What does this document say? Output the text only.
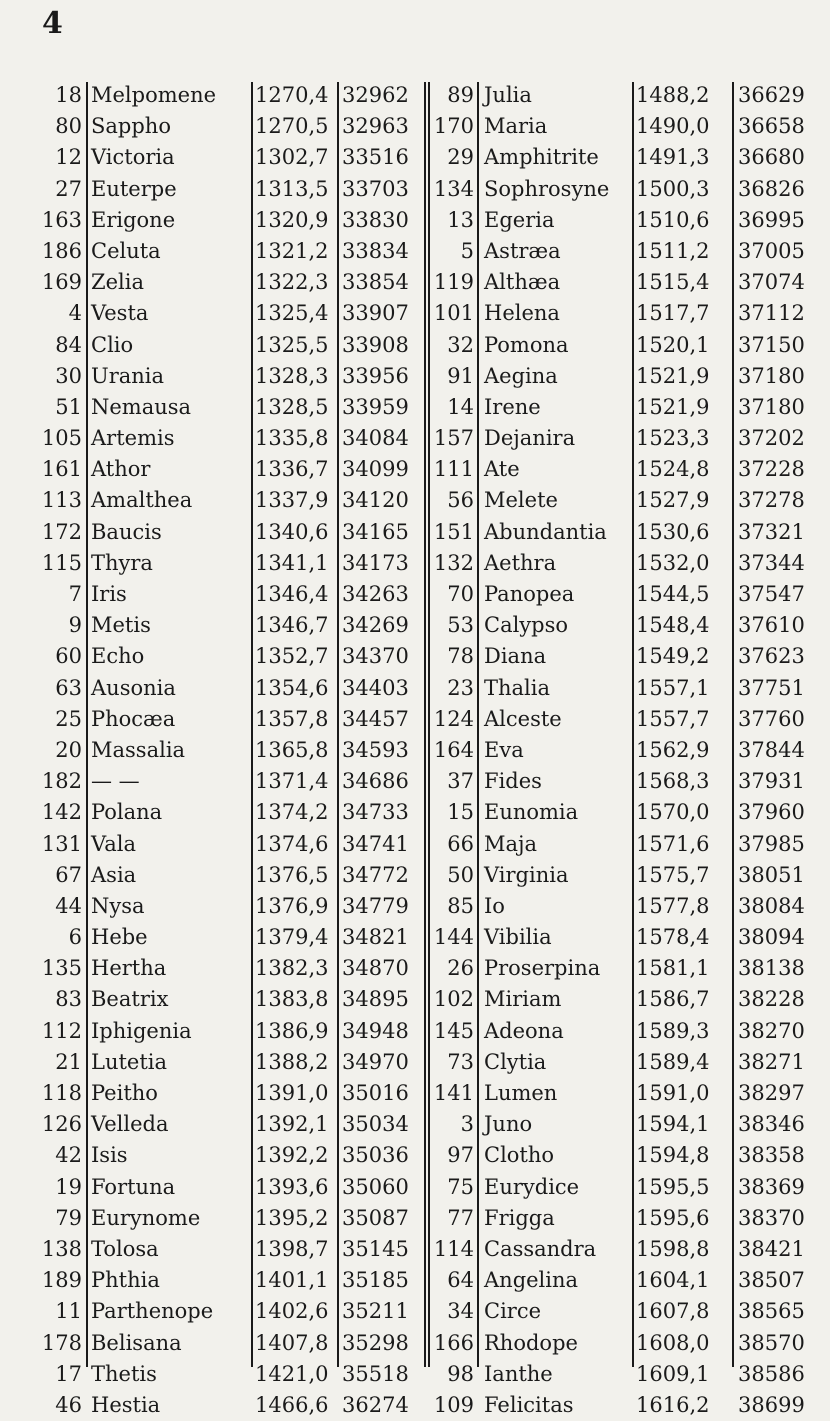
4
18 Melpomene	1270,4 32962	89 Julia	1488,2	36629
80 Sappho	1270,5 32963	170 Maria	1490,0	36658
12 Victoria	1302,7 33516	29 Amphitrite	1491,3	36680
27 Euterpe	1313,5 33703	134 Sophrosyne	1500,3	36826
163 Erigone	1320,9 33830	13 Egeria	1510,6	36995
186 Celuta	1321,2 33834	5 Astræa	1511,2	37005
169 Zelia	1322,3 33854	119 Althæa	1515,4	37074
4 Vesta	1325,4 33907	101 Helena	1517,7	37112
84 Clio	1325,5 33908	32 Pomona	1520,1	37150
30 Urania	1328,3 33956	91 Aegina	1521,9	37180
51 Nemausa	1328,5 33959	14 Irene	1521,9	37180
105 Artemis	1335,8 34084	157 Dejanira	1523,3	37202
161 Athor	1336,7 34099	111 Ate	1524,8	37228
113 Amalthea	1337,9 34120	56 Melete	1527,9	37278
172 Baucis	1340,6 34165	151 Abundantia	1530,6	37321
115 Thyra	1341,1 34173	132 Aethra	1532,0	37344
7 Iris	1346,4 34263	70 Panopea	1544,5	37547
9 Metis	1346,7 34269	53 Calypso	1548,4	37610
60 Echo	1352,7 34370	78 Diana	1549,2	37623
63 Ausonia	1354,6 34403	23 Thalia	1557,1	37751
25 Phocæa	1357,8 34457	124 Alceste	1557,7	37760
20 Massalia	1365,8 34593	164 Eva	1562,9	37844
182 — —	1371,4 34686	37 Fides	1568,3	37931
142 Polana	1374,2 34733	15 Eunomia	1570,0	37960
131 Vala	1374,6 34741	66 Maja	1571,6	37985
67 Asia	1376,5 34772	50 Virginia	1575,7	38051
44 Nysa	1376,9 34779	85 Io	1577,8	38084
6 Hebe	1379,4 34821	144 Vibilia	1578,4	38094
135 Hertha	1382,3 34870	26 Proserpina	1581,1	38138
83 Beatrix	1383,8 34895	102 Miriam	1586,7	38228
112 Iphigenia	1386,9 34948	145 Adeona	1589,3	38270
21 Lutetia	1388,2 34970	73 Clytia	1589,4	38271
118 Peitho	1391,0 35016	141 Lumen	1591,0	38297
126 Velleda	1392,1 35034	3 Juno	1594,1	38346
42 Isis	1392,2 35036	97 Clotho	1594,8	38358
19 Fortuna	1393,6 35060	75 Eurydice	1595,5	38369
79 Eurynome	1395,2 35087	77 Frigga	1595,6	38370
138 Tolosa	1398,7 35145	114 Cassandra	1598,8	38421
189 Phthia	1401,1 35185	64 Angelina	1604,1	38507
11 Parthenope	1402,6 35211	34 Circe	1607,8	38565
178 Belisana	1407,8 35298	166 Rhodope	1608,0	38570
17 Thetis	1421,0 35518	98 Ianthe	1609,1	38586
46 Hestia	1466,6 36274	109 Felicitas	1616,2	38699
